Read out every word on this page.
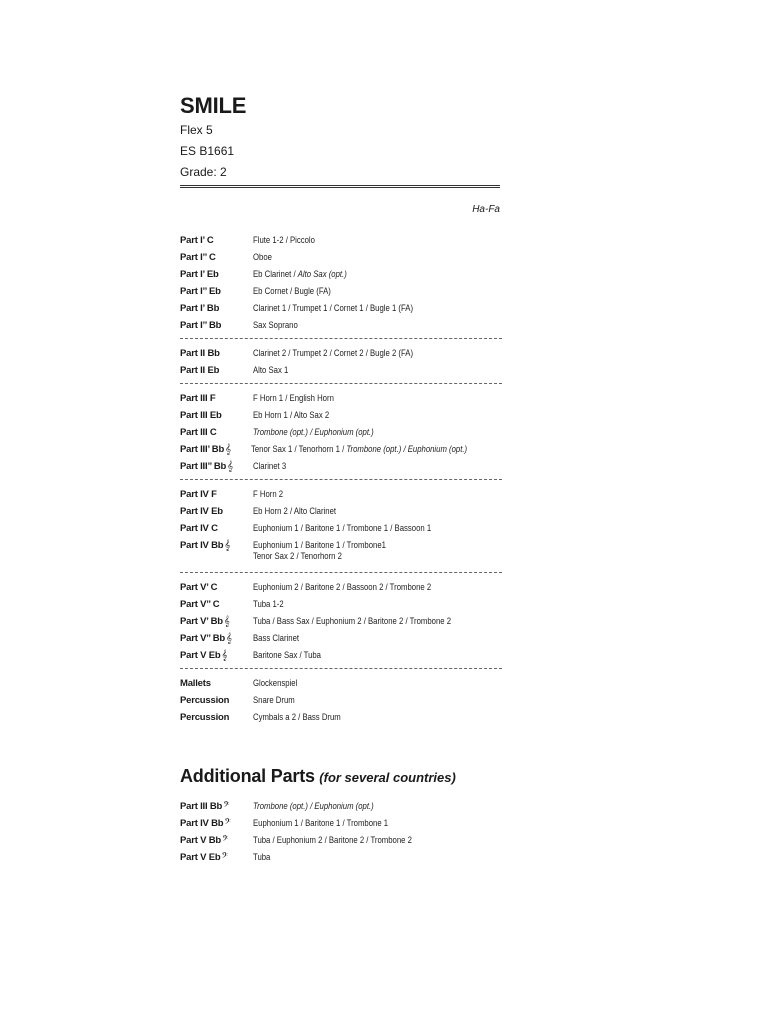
SMILE
Flex 5
ES B1661
Grade: 2
Ha-Fa
Part I’ C	Flute 1-2 / Piccolo
Part I’’ C	Oboe
Part I’ Eb	Eb Clarinet / Alto Sax (opt.)
Part I’’ Eb	Eb Cornet / Bugle (FA)
Part I’ Bb	Clarinet 1 / Trumpet 1 / Cornet 1 / Bugle 1 (FA)
Part I’’ Bb	Sax Soprano
Part II Bb	Clarinet 2 / Trumpet 2 / Cornet 2 / Bugle 2 (FA)
Part II Eb	Alto Sax 1
Part III F	F Horn 1 / English Horn
Part III Eb	Eb Horn 1 / Alto Sax 2
Part III C	Trombone (opt.) / Euphonium (opt.)
Part III’ Bb𝄞	Tenor Sax 1 / Tenorhorn 1 / Trombone (opt.) / Euphonium (opt.)
Part III’’ Bb𝄞	Clarinet 3
Part IV F	F Horn 2
Part IV Eb	Eb Horn 2 / Alto Clarinet
Part IV C	Euphonium 1 / Baritone 1 / Trombone 1 / Bassoon 1
Part IV Bb𝄞	Euphonium 1 / Baritone 1 / Trombone1
Tenor Sax 2 / Tenorhorn 2
Part V’ C	Euphonium 2 / Baritone 2 / Bassoon 2 / Trombone 2
Part V’’ C	Tuba 1-2
Part V’ Bb𝄞	Tuba / Bass Sax / Euphonium 2 / Baritone 2 / Trombone 2
Part V’’ Bb𝄞	Bass Clarinet
Part V Eb𝄞	Baritone Sax / Tuba
Mallets	Glockenspiel
Percussion	Snare Drum
Percussion	Cymbals a 2 / Bass Drum
Additional Parts (for several countries)
Part III Bb𝄢	Trombone (opt.) / Euphonium (opt.)
Part IV Bb𝄢	Euphonium 1 / Baritone 1 / Trombone 1
Part V Bb𝄢	Tuba / Euphonium 2 / Baritone 2 / Trombone 2
Part V Eb𝄢	Tuba
